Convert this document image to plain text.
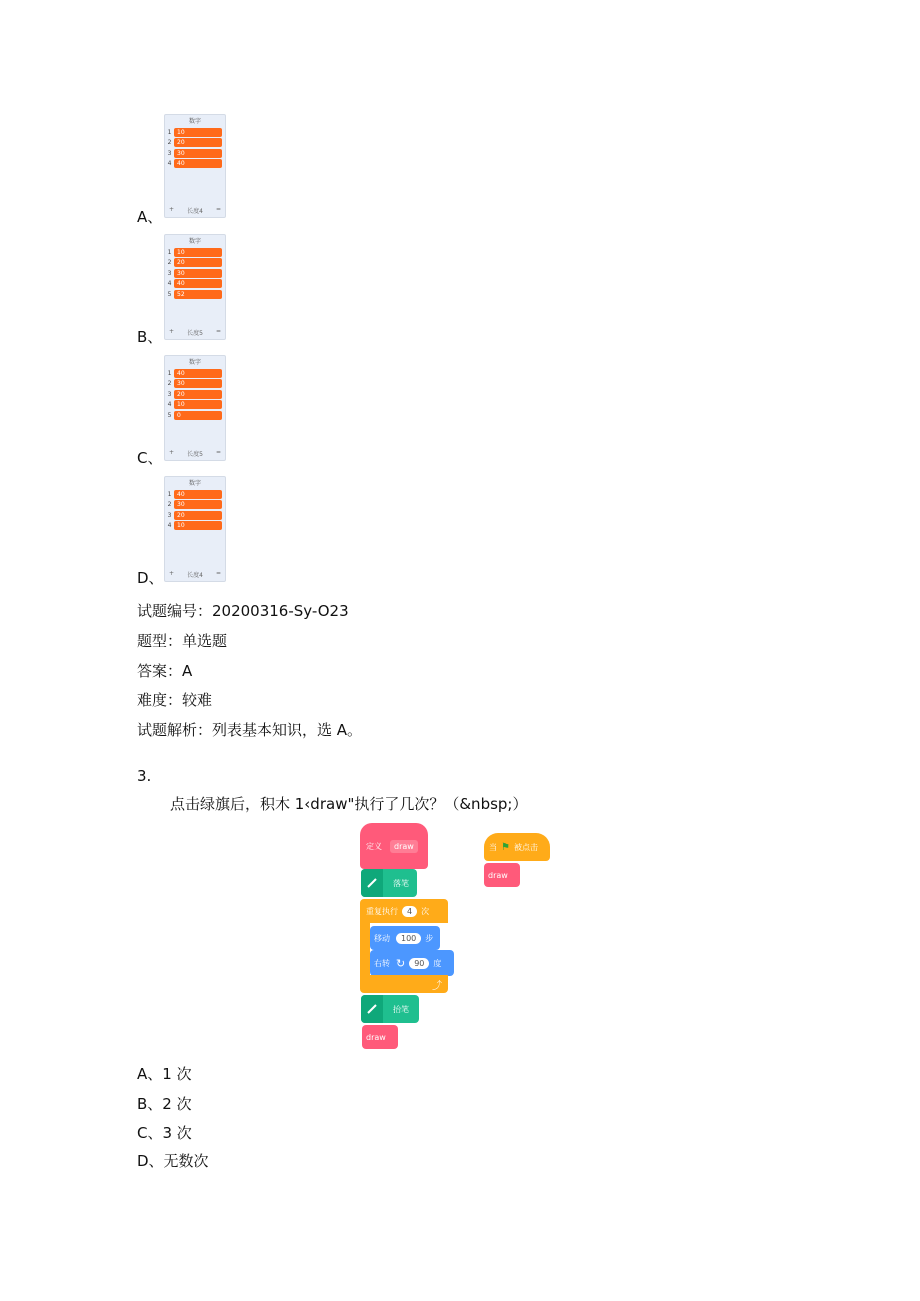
数字
1 10
2 20
3 30
4 40
+ 长度4 =
A、
数字
1 10
2 20
3 30
4 40
5 52
+ 长度5 =
B、
数字
1 40
2 30
3 20
4 10
5 0
+ 长度5 =
C、
数字
1 40
2 30
3 20
4 10
+ 长度4 =
D、
试题编号：20200316-Sy-O23
题型：单选题
答案：A
难度：较难
试题解析：列表基本知识，选 A。
3.
点击绿旗后，积木 1‹draw"执行了几次？（&nbsp;）
定义	draw
落笔
重复执行	4	次
移动	100	步
右转 ↻	90	度
⤴
抬笔
draw
当 ⚑ 被点击
draw
A、1 次
B、2 次
C、3 次
D、无数次
